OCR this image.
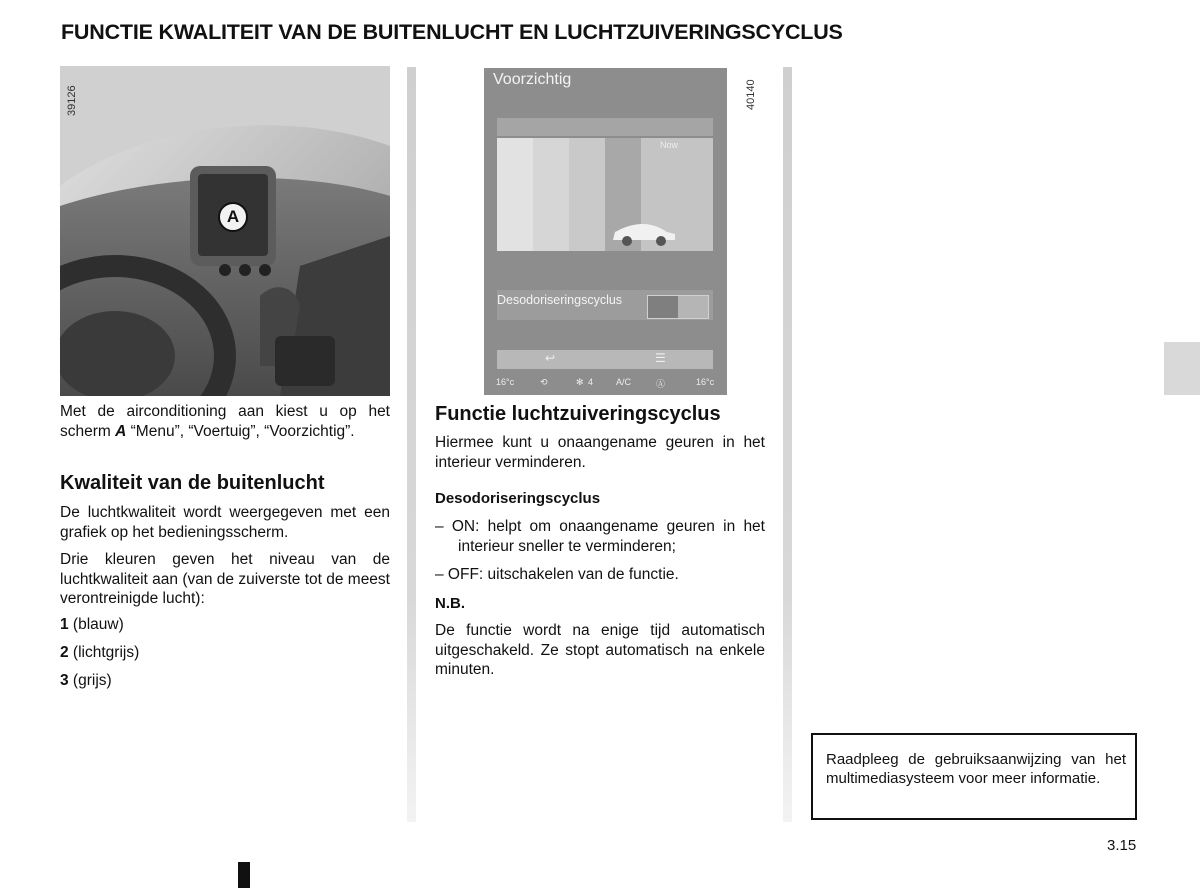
FUNCTIE KWALITEIT VAN DE BUITENLUCHT EN LUCHTZUIVERINGSCYCLUS
A
39126

Met de airconditioning aan kiest u op het scherm A “Menu”, “Voertuig”, “Voorzichtig”.

Kwaliteit van de buitenlucht

De luchtkwaliteit wordt weergegeven met een grafiek op het bedieningsscherm.

Drie kleuren geven het niveau van de luchtkwaliteit aan (van de zuiverste tot de meest verontreinigde lucht):

1 (blauw)

2 (lichtgrijs)

3 (grijs)

Voorzichtig
Now
Desodoriseringscyclus
↩	☰
16°c	⟲	✻ 4	A/C	Ⓐ	16°c
40140
Functie luchtzuiveringscyclus

Hiermee kunt u onaangename geuren in het interieur verminderen.

Desodoriseringscyclus

– ON: helpt om onaangename geuren in het interieur sneller te verminderen;

– OFF: uitschakelen van de functie.

N.B.

De functie wordt na enige tijd automatisch uitgeschakeld. Ze stopt automatisch na enkele minuten.

Raadpleeg de gebruiksaanwijzing van het multimediasysteem voor meer informatie.

3.15
